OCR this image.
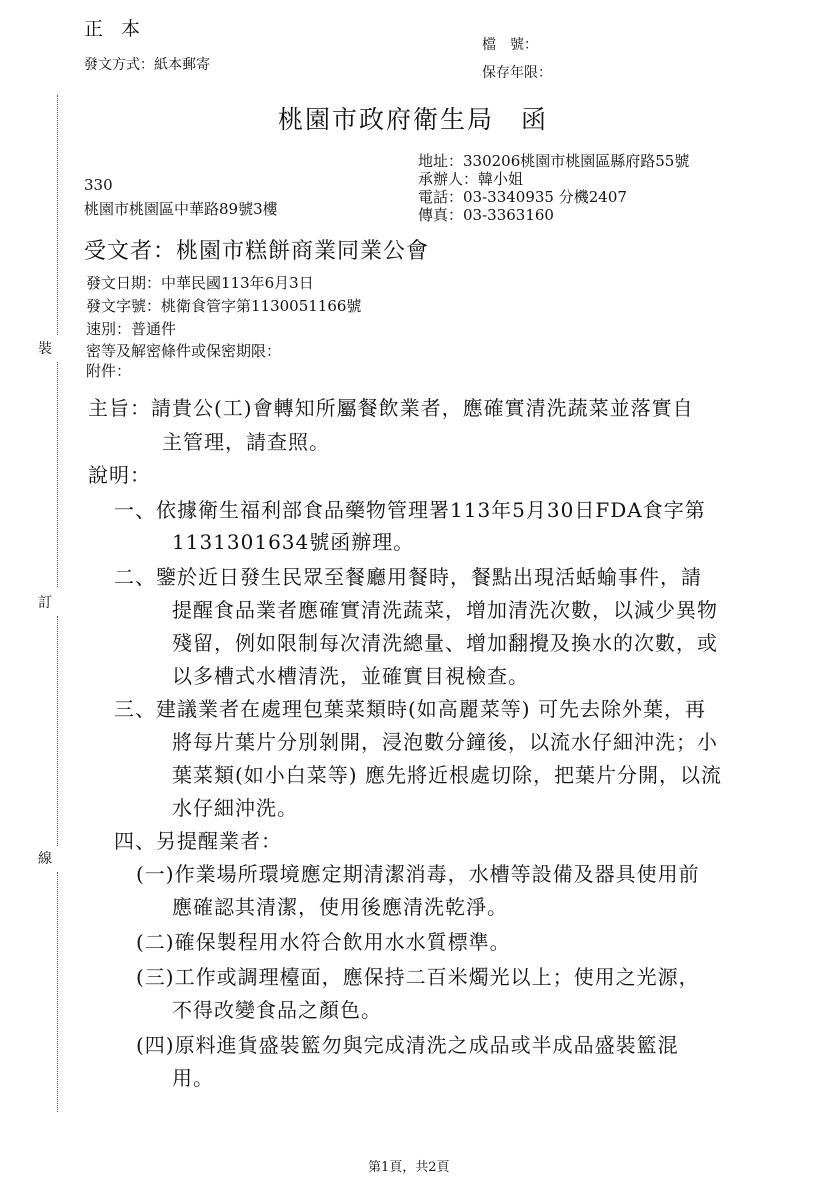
裝
訂
線
正 本
發文方式：紙本郵寄
檔　號：
保存年限：
桃園市政府衛生局　函
地址：330206桃園市桃園區縣府路55號
承辦人：韓小姐
電話：03-3340935 分機2407
傳真：03-3363160
330
桃園市桃園區中華路89號3樓
受文者：桃園市糕餅商業同業公會
發文日期：中華民國113年6月3日
發文字號：桃衛食管字第1130051166號
速別：普通件
密等及解密條件或保密期限：
附件：
主旨：請貴公(工)會轉知所屬餐飲業者，應確實清洗蔬菜並落實自
主管理，請查照。
說明：
一、依據衛生福利部食品藥物管理署113年5月30日FDA食字第
1131301634號函辦理。
二、鑒於近日發生民眾至餐廳用餐時，餐點出現活蛞蝓事件，請
提醒食品業者應確實清洗蔬菜，增加清洗次數，以減少異物
殘留，例如限制每次清洗總量、增加翻攪及換水的次數，或
以多槽式水槽清洗，並確實目視檢查。
三、建議業者在處理包葉菜類時(如高麗菜等) 可先去除外葉，再
將每片葉片分別剝開，浸泡數分鐘後，以流水仔細沖洗；小
葉菜類(如小白菜等) 應先將近根處切除，把葉片分開，以流
水仔細沖洗。
四、另提醒業者：
(一)作業場所環境應定期清潔消毒，水槽等設備及器具使用前
應確認其清潔，使用後應清洗乾淨。
(二)確保製程用水符合飲用水水質標準。
(三)工作或調理檯面，應保持二百米燭光以上；使用之光源，
不得改變食品之顏色。
(四)原料進貨盛裝籃勿與完成清洗之成品或半成品盛裝籃混
用。
第1頁，共2頁
